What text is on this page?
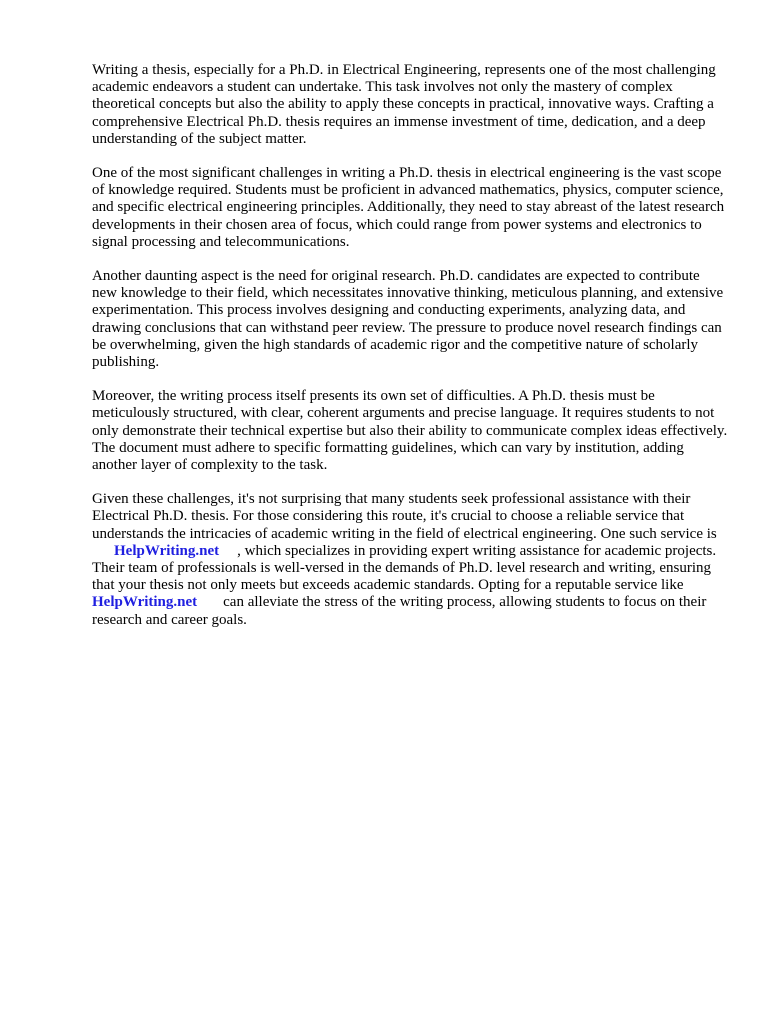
Writing a thesis, especially for a Ph.D. in Electrical Engineering, represents one of the most challenging academic endeavors a student can undertake. This task involves not only the mastery of complex theoretical concepts but also the ability to apply these concepts in practical, innovative ways. Crafting a comprehensive Electrical Ph.D. thesis requires an immense investment of time, dedication, and a deep understanding of the subject matter.

One of the most significant challenges in writing a Ph.D. thesis in electrical engineering is the vast scope of knowledge required. Students must be proficient in advanced mathematics, physics, computer science, and specific electrical engineering principles. Additionally, they need to stay abreast of the latest research developments in their chosen area of focus, which could range from power systems and electronics to signal processing and telecommunications.

Another daunting aspect is the need for original research. Ph.D. candidates are expected to contribute new knowledge to their field, which necessitates innovative thinking, meticulous planning, and extensive experimentation. This process involves designing and conducting experiments, analyzing data, and drawing conclusions that can withstand peer review. The pressure to produce novel research findings can be overwhelming, given the high standards of academic rigor and the competitive nature of scholarly publishing.

Moreover, the writing process itself presents its own set of difficulties. A Ph.D. thesis must be meticulously structured, with clear, coherent arguments and precise language. It requires students to not only demonstrate their technical expertise but also their ability to communicate complex ideas effectively. The document must adhere to specific formatting guidelines, which can vary by institution, adding another layer of complexity to the task.

Given these challenges, it's not surprising that many students seek professional assistance with their Electrical Ph.D. thesis. For those considering this route, it's crucial to choose a reliable service that understands the intricacies of academic writing in the field of electrical engineering. One such service isHelpWriting.net , which specializes in providing expert writing assistance for academic projects. Their team of professionals is well-versed in the demands of Ph.D. level research and writing, ensuring that your thesis not only meets but exceeds academic standards. Opting for a reputable service likeHelpWriting.net can alleviate the stress of the writing process, allowing students to focus on their research and career goals.
